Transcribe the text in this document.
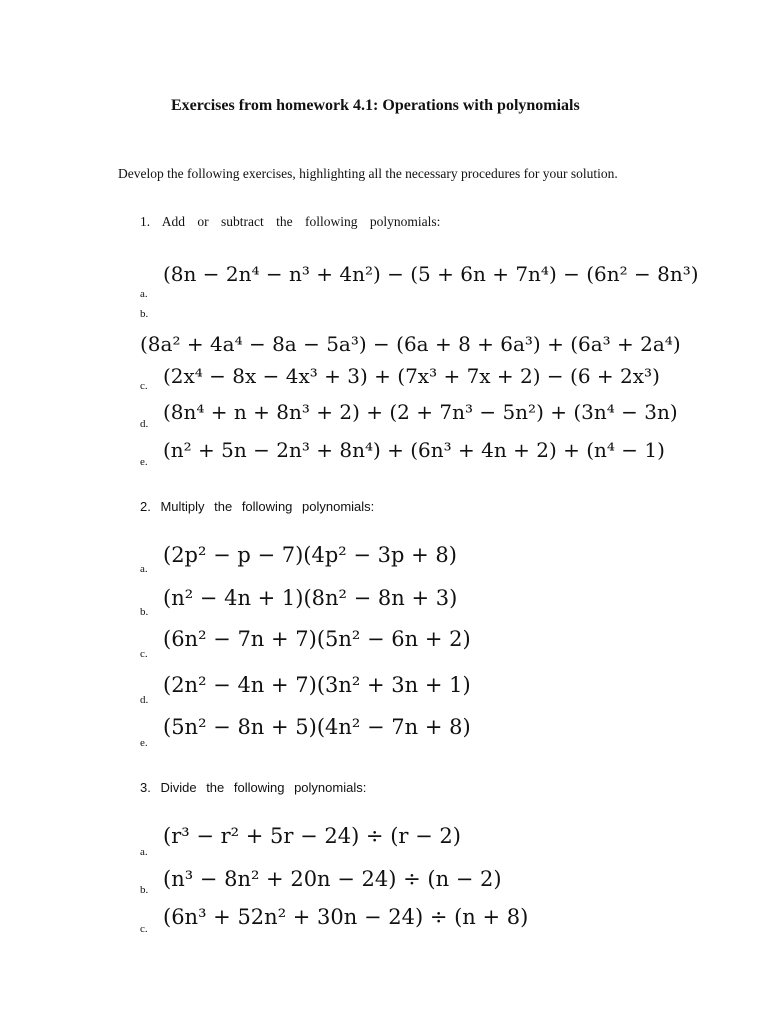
Exercises from homework 4.1: Operations with polynomials
Develop the following exercises, highlighting all the necessary procedures for your solution.
1. Add or subtract the following polynomials:
a.
(8n − 2n⁴ − n³ + 4n²) − (5 + 6n + 7n⁴) − (6n² − 8n³)
b.
(8a² + 4a⁴ − 8a − 5a³) − (6a + 8 + 6a³) + (6a³ + 2a⁴)
c. (2x⁴ − 8x − 4x³ + 3) + (7x³ + 7x + 2) − (6 + 2x³)
d. (8n⁴ + n + 8n³ + 2) + (2 + 7n³ − 5n²) + (3n⁴ − 3n)
e. (n² + 5n − 2n³ + 8n⁴) + (6n³ + 4n + 2) + (n⁴ − 1)
2. Multiply the following polynomials:
a.
(2p² − p − 7)(4p² − 3p + 8)
b.
(n² − 4n + 1)(8n² − 8n + 3)
c.
(6n² − 7n + 7)(5n² − 6n + 2)
d.
(2n² − 4n + 7)(3n² + 3n + 1)
e.
(5n² − 8n + 5)(4n² − 7n + 8)
3. Divide the following polynomials:
a.
(r³ − r² + 5r − 24) ÷ (r − 2)
b. (n³ − 8n² + 20n − 24) ÷ (n − 2)
c. (6n³ + 52n² + 30n − 24) ÷ (n + 8)
